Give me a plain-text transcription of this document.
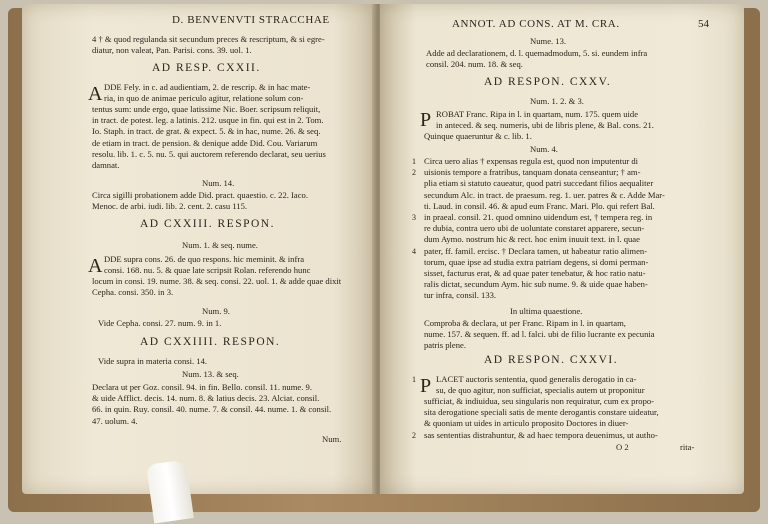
D. BENVENVTI STRACCHAE
4 † & quod regulanda sit secundum preces & rescriptum, & si egre-
diatur, non valeat, Pan. Parisi. cons. 39. uol. 1.
AD RESP. CXXII.
A DDE Fely. in c. ad audientiam, 2. de rescrip. & in hac mate-
ria, in quo de animae periculo agitur, relatione solum con-
tentus sum: unde ergo, quae latissime Nic. Boer. scripsum reliquit,
in tract. de potest. leg. a latinis. 212. usque in fin. qui est in 2. Tom.
Io. Staph. in tract. de grat. & expect. 5. & in hac, nume. 26. & seq.
de etiam in tract. de pension. & denique adde Did. Cou. Variarum
resolu. lib. 1. c. 5. nu. 5. qui auctorem referendo declarat, seu uerius
damnat.
Num. 14.
Circa sigilli probationem adde Did. pract. quaestio. c. 22. Iaco.
Menoc. de arbi. iudi. lib. 2. cent. 2. casu 115.
AD CXXIII. RESPON.
Num. 1. & seq. nume.
A DDE supra cons. 26. de quo respons. hic meminit. & infra
consi. 168. nu. 5. & quae late scripsit Rolan. referendo hunc
locum in consi. 19. nume. 38. & seq. consi. 22. uol. 1. & adde quae dixit
Cepha. consi. 350. in 3.
Num. 9.
Vide Cepha. consi. 27. num. 9. in 1.
AD CXXIIII. RESPON.
Vide supra in materia consi. 14.
Num. 13. & seq.
Declara ut per Goz. consil. 94. in fin. Bello. consil. 11. nume. 9.
& uide Afflict. decis. 14. num. 8. & latius decis. 23. Alciat. consil.
66. in quin. Ruy. consil. 40. nume. 7. & consil. 44. nume. 1. & consil.
47. uolum. 4.
Num.
ANNOT. AD CONS. AT M. CRA.	54
Nume. 13.
Adde ad declarationem, d. l. quemadmodum, 5. si. eundem infra
consil. 204. num. 18. & seq.
AD RESPON. CXXV.
Num. 1. 2. & 3.
P ROBAT Franc. Ripa in l. in quartam, num. 175. quem uide
in anteced. & seq. numeris, ubi de libris plene, & Bal. cons. 21.
Quinque quaeruntur & c. lib. 1.
Num. 4.
1
2
3
4
Circa uero alias † expensas regula est, quod non imputentur di
uisionis tempore a fratribus, tanquam donata censeantur; † am-
plia etiam si statuto caueatur, quod patri succedant filios aequaliter
secundum Alc. in tract. de praesum. reg. 1. uer. patres & c. Adde Mar-
ti. Laud. in consil. 46. & apud eum Franc. Mari. Plo. qui refert Bal.
in praeal. consil. 21. quod omnino uidendum est, † tempera reg. in
re dubia, contra uero ubi de uoluntate constaret apparere, secun-
dum Aymo. nostrum hic & rect. hoc enim inuuit text. in l. quae
pater, ff. famil. ercisc. † Declara tamen, ut habeatur ratio alimen-
torum, quae ipse ad studia extra patriam degens, si domi perman-
sisset, facturus erat, & ad quae pater tenebatur, & hoc ratio natu-
ralis dictat, secundum Aym. hic sub nume. 9. & uide quae haben-
tur infra, consil. 133.
In ultima quaestione.
Comproba & declara, ut per Franc. Ripam in l. in quartam,
nume. 157. & sequen. ff. ad l. falci. ubi de filio lucrante ex pecunia
patris plene.
AD RESPON. CXXVI.
1
2
P LACET auctoris sententia, quod generalis derogatio in ca-
su, de quo agitur, non sufficiat, specialis autem ut proponitur
sufficiat, & indiuidua, seu singularis non requiratur, cum ex propo-
sita derogatione speciali satis de mente derogantis constare uideatur,
& quoniam ut uides in articulo proposito Doctores in diuer-
sas sententias distrahuntur, & ad haec tempora deuenimus, ut autho-
O 2	rita-
